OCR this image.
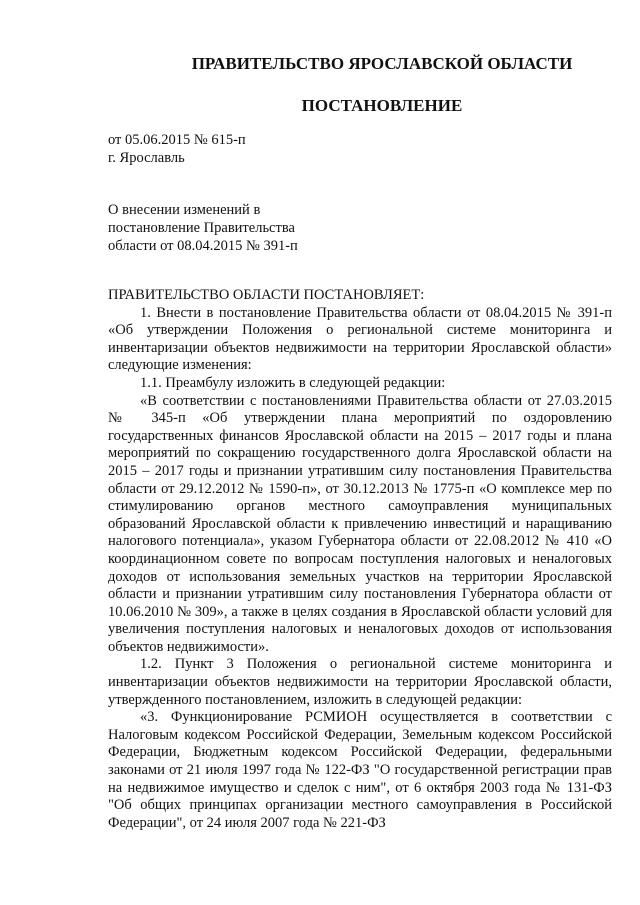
ПРАВИТЕЛЬСТВО ЯРОСЛАВСКОЙ ОБЛАСТИ
ПОСТАНОВЛЕНИЕ
от 05.06.2015 № 615-п
г. Ярославль
О внесении изменений в
постановление Правительства
области от 08.04.2015 № 391-п

ПРАВИТЕЛЬСТВО ОБЛАСТИ ПОСТАНОВЛЯЕТ:

1. Внести в постановление Правительства области от 08.04.2015 № 391-п «Об утверждении Положения о региональной системе мониторинга и инвентаризации объектов недвижимости на территории Ярославской области» следующие изменения:

1.1. Преамбулу изложить в следующей редакции:

«В соответствии с постановлениями Правительства области от 27.03.2015 № 345-п «Об утверждении плана мероприятий по оздоровлению государственных финансов Ярославской области на 2015 – 2017 годы и плана мероприятий по сокращению государственного долга Ярославской области на 2015 – 2017 годы и признании утратившим силу постановления Правительства области от 29.12.2012 № 1590-п», от 30.12.2013 № 1775-п «О комплексе мер по стимулированию органов местного самоуправления муниципальных образований Ярославской области к привлечению инвестиций и наращиванию налогового потенциала», указом Губернатора области от 22.08.2012 № 410 «О координационном совете по вопросам поступления налоговых и неналоговых доходов от использования земельных участков на территории Ярославской области и признании утратившим силу постановления Губернатора области от 10.06.2010 № 309», а также в целях создания в Ярославской области условий для увеличения поступления налоговых и неналоговых доходов от использования объектов недвижимости».

1.2. Пункт 3 Положения о региональной системе мониторинга и инвентаризации объектов недвижимости на территории Ярославской области, утвержденного постановлением, изложить в следующей редакции:

«3. Функционирование РСМИОН осуществляется в соответствии с Налоговым кодексом Российской Федерации, Земельным кодексом Российской Федерации, Бюджетным кодексом Российской Федерации, федеральными законами от 21 июля 1997 года № 122-ФЗ "О государственной регистрации прав на недвижимое имущество и сделок с ним", от 6 октября 2003 года № 131-ФЗ "Об общих принципах организации местного самоуправления в Российской Федерации", от 24 июля 2007 года № 221-ФЗ
